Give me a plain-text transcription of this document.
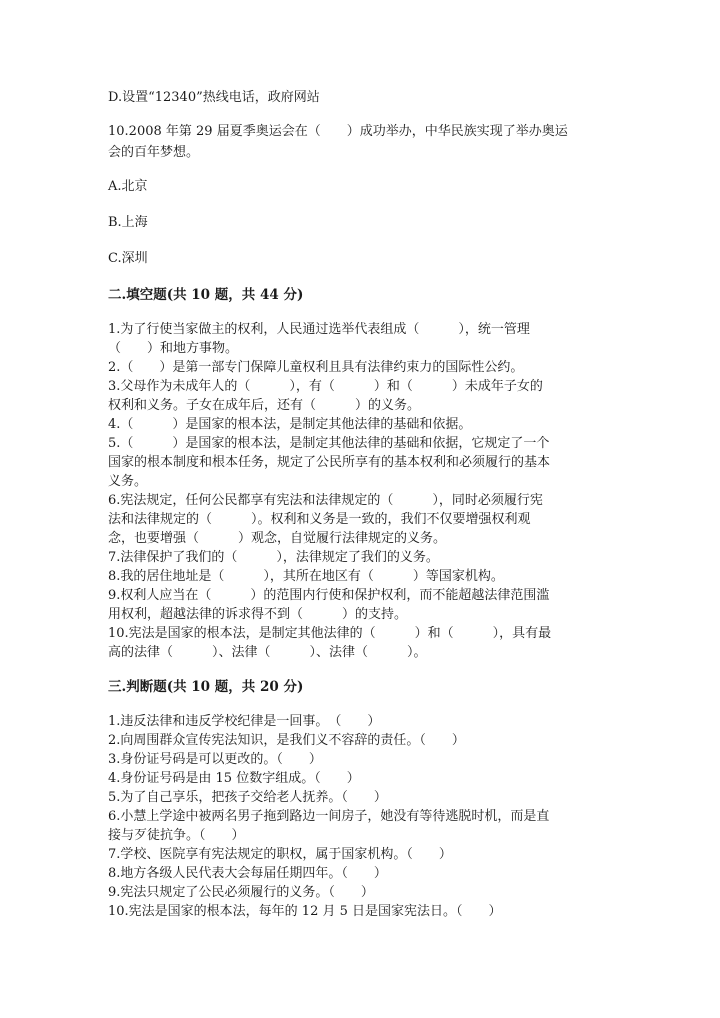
D.设置“12340”热线电话，政府网站
10.2008 年第 29 届夏季奥运会在（　　）成功举办，中华民族实现了举办奥运
会的百年梦想。
A.北京
B.上海
C.深圳
二.填空题(共 10 题，共 44 分)
1.为了行使当家做主的权利，人民通过选举代表组成（　　　），统一管理
（　　）和地方事物。
2.（　　）是第一部专门保障儿童权利且具有法律约束力的国际性公约。
3.父母作为未成年人的（　　　），有（　　　）和（　　　）未成年子女的
权利和义务。子女在成年后，还有（　　　）的义务。
4.（　　　）是国家的根本法，是制定其他法律的基础和依据。
5.（　　　）是国家的根本法，是制定其他法律的基础和依据，它规定了一个
国家的根本制度和根本任务，规定了公民所享有的基本权利和必须履行的基本
义务。
6.宪法规定，任何公民都享有宪法和法律规定的（　　　），同时必须履行宪
法和法律规定的（　　　）。权利和义务是一致的，我们不仅要增强权利观
念，也要增强（　　　）观念，自觉履行法律规定的义务。
7.法律保护了我们的（　　　），法律规定了我们的义务。
8.我的居住地址是（　　　），其所在地区有（　　　）等国家机构。
9.权利人应当在（　　　）的范围内行使和保护权利，而不能超越法律范围滥
用权利，超越法律的诉求得不到（　　　）的支持。
10.宪法是国家的根本法，是制定其他法律的（　　　）和（　　　），具有最
高的法律（　　　）、法律（　　　）、法律（　　　）。
三.判断题(共 10 题，共 20 分)
1.违反法律和违反学校纪律是一回事。　（　　）
2.向周围群众宣传宪法知识，是我们义不容辞的责任。（　　）
3.身份证号码是可以更改的。（　　）
4.身份证号码是由 15 位数字组成。（　　）
5.为了自己享乐，把孩子交给老人抚养。（　　）
6.小慧上学途中被两名男子拖到路边一间房子，她没有等待逃脱时机，而是直
接与歹徒抗争。（　　）
7.学校、医院享有宪法规定的职权，属于国家机构。（　　）
8.地方各级人民代表大会每届任期四年。（　　）
9.宪法只规定了公民必须履行的义务。（　　）
10.宪法是国家的根本法，每年的 12 月 5 日是国家宪法日。（　　）
